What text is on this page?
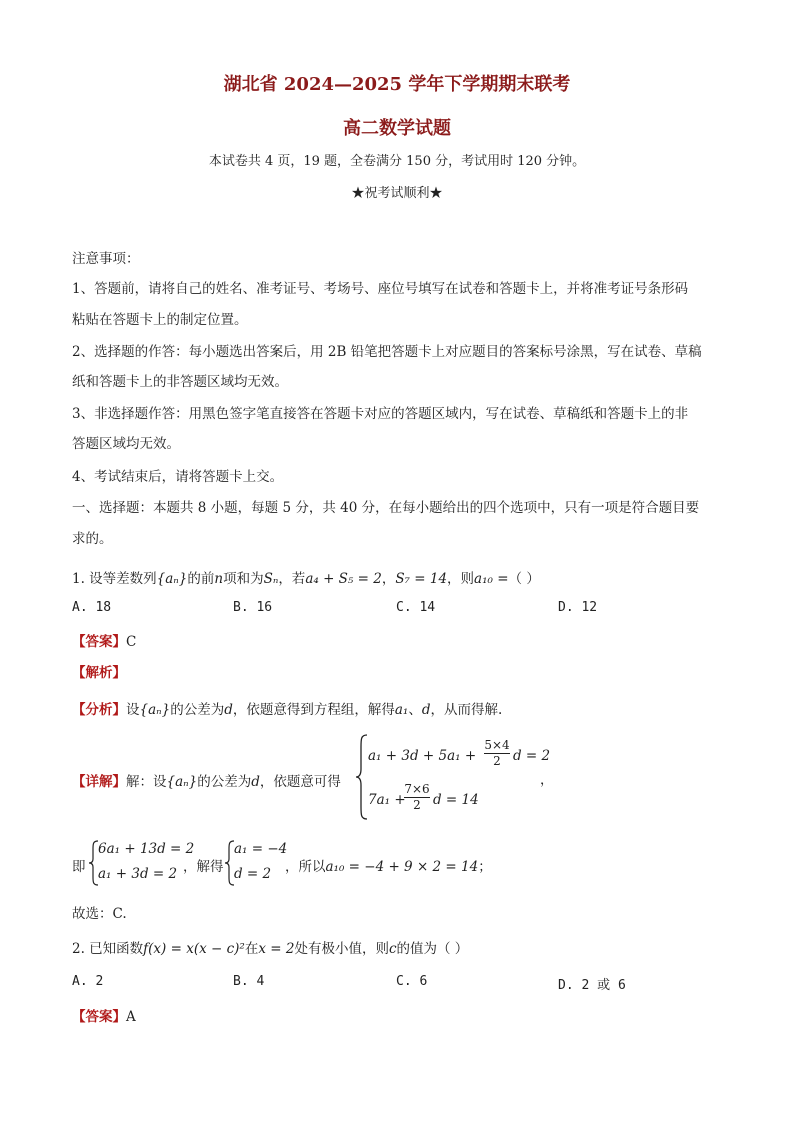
湖北省 2024—2025 学年下学期期末联考
高二数学试题
本试卷共 4 页，19 题，全卷满分 150 分，考试用时 120 分钟。
★祝考试顺利★
注意事项：
1、答题前，请将自己的姓名、准考证号、考场号、座位号填写在试卷和答题卡上，并将准考证号条形码
粘贴在答题卡上的制定位置。
2、选择题的作答：每小题选出答案后，用 2B 铅笔把答题卡上对应题目的答案标号涂黑，写在试卷、草稿
纸和答题卡上的非答题区域均无效。
3、非选择题作答：用黑色签字笔直接答在答题卡对应的答题区域内，写在试卷、草稿纸和答题卡上的非
答题区域均无效。
4、考试结束后，请将答题卡上交。
一、选择题：本题共 8 小题，每题 5 分，共 40 分，在每小题给出的四个选项中，只有一项是符合题目要
求的。
1. 设等差数列{aₙ}的前n项和为Sₙ，若a₄ + S₅ = 2，S₇ = 14，则a₁₀ =（ ）
A. 18	B. 16	C. 14	D. 12
【答案】C
【解析】
【分析】设{aₙ}的公差为d，依题意得到方程组，解得a₁、d，从而得解.
【详解】解：设{aₙ}的公差为d，依题意可得
a₁ + 3d + 5a₁ +
5×4
2 d = 2
，
7a₁ +
7×6
2 d = 14
即
6a₁ + 13d = 2
a₁ + 3d = 2 ，解得
a₁ = −4
d = 2 ，所以a₁₀ = −4 + 9 × 2 = 14；
故选：C.
2. 已知函数f(x) = x(x − c)²在x = 2处有极小值，则c的值为（ ）
A. 2	B. 4	C. 6	D. 2 或 6
【答案】A
